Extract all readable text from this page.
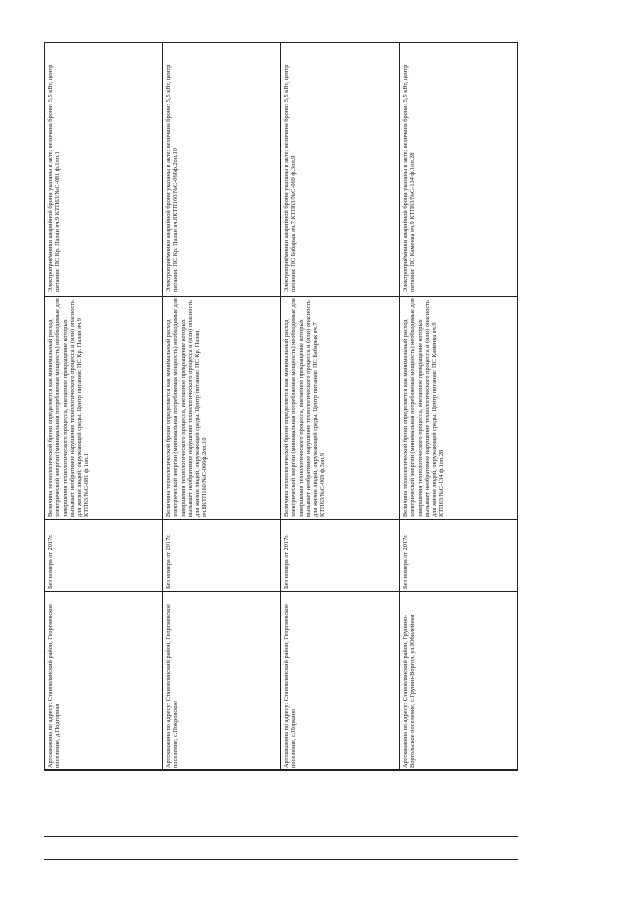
Электроприёмники аварийной брони указаны в акте; величина брони: 5,5 кВт, центр питания: ПС Кр. Палан яч.9 КТП63/№С-081 ф.1оп.1
Величина технологической брони определяется как минимальный расход электрической энергии (минимальная потребляемая мощность) необходимые для завершения технологического процесса, внезапное прекращение которых вызывает необратимое нарушение технологического процесса и (или) опасность для жизни людей, окружающей среды. Центр питания: ПС Кр. Палан яч.9 КТП63/№С-081 ф.1оп.1
Без номера от 2017г.
Артскважина по адресу: Становлянский район, Георгиевское поселение, д.Подгорная
Электроприёмники аварийной брони указаны в акте; величина брони: 5,5 кВт, центр питания: ПС Кр. Палан яч.8КТП160/№С-066ф.2оп.10
Величина технологической брони определяется как минимальный расход электрической энергии (минимальная потребляемая мощность) необходимые для завершения технологического процесса, внезапное прекращение которых вызывает необратимое нарушение технологического процесса и (или) опасность для жизни людей, окружающей среды. Центр питания: ПС Кр. Палан яч.8КТП160/№С-066ф.2оп.10
Без номера от 2017г.
Артскважина по адресу: Становлянский район, Георгиевское поселение, с.Покровское
Электроприёмники аварийной брони указаны в акте; величина брони: 5,5 кВт, центр питания: ПС Бабарык яч.7 КТП63/№С-069 ф.3оп.9
Величина технологической брони определяется как минимальный расход электрической энергии (минимальная потребляемая мощность) необходимые для завершения технологического процесса, внезапное прекращение которых вызывает необратимое нарушение технологического процесса и (или) опасность для жизни людей, окружающей среды. Центр питания: ПС Бабарык яч.7 КТП63/№С-069 ф.3оп.9
Без номера от 2017г.
Артскважина по адресу: Становлянский район, Георгиевское поселение, с.Поркино
Электроприёмники аварийной брони указаны в акте; величина брони: 5,5 кВт, центр питания: ПС Каменка яч.9 КТП63/№С-134 ф.1оп.28
Величина технологической брони определяется как минимальный расход электрической энергии (минимальная потребляемая мощность) необходимые для завершения технологического процесса, внезапное прекращение которых вызывает необратимое нарушение технологического процесса и (или) опасность для жизни людей, окружающей среды. Центр питания: ПС Каменка яч.9 КТП63/№С-134 ф.1оп.28
Без номера от 2017г.
Артскважина по адресу: Становлянский район, Грунино-Воргольское поселение, с.Грунин-Воргол, ул.Юбилейная
